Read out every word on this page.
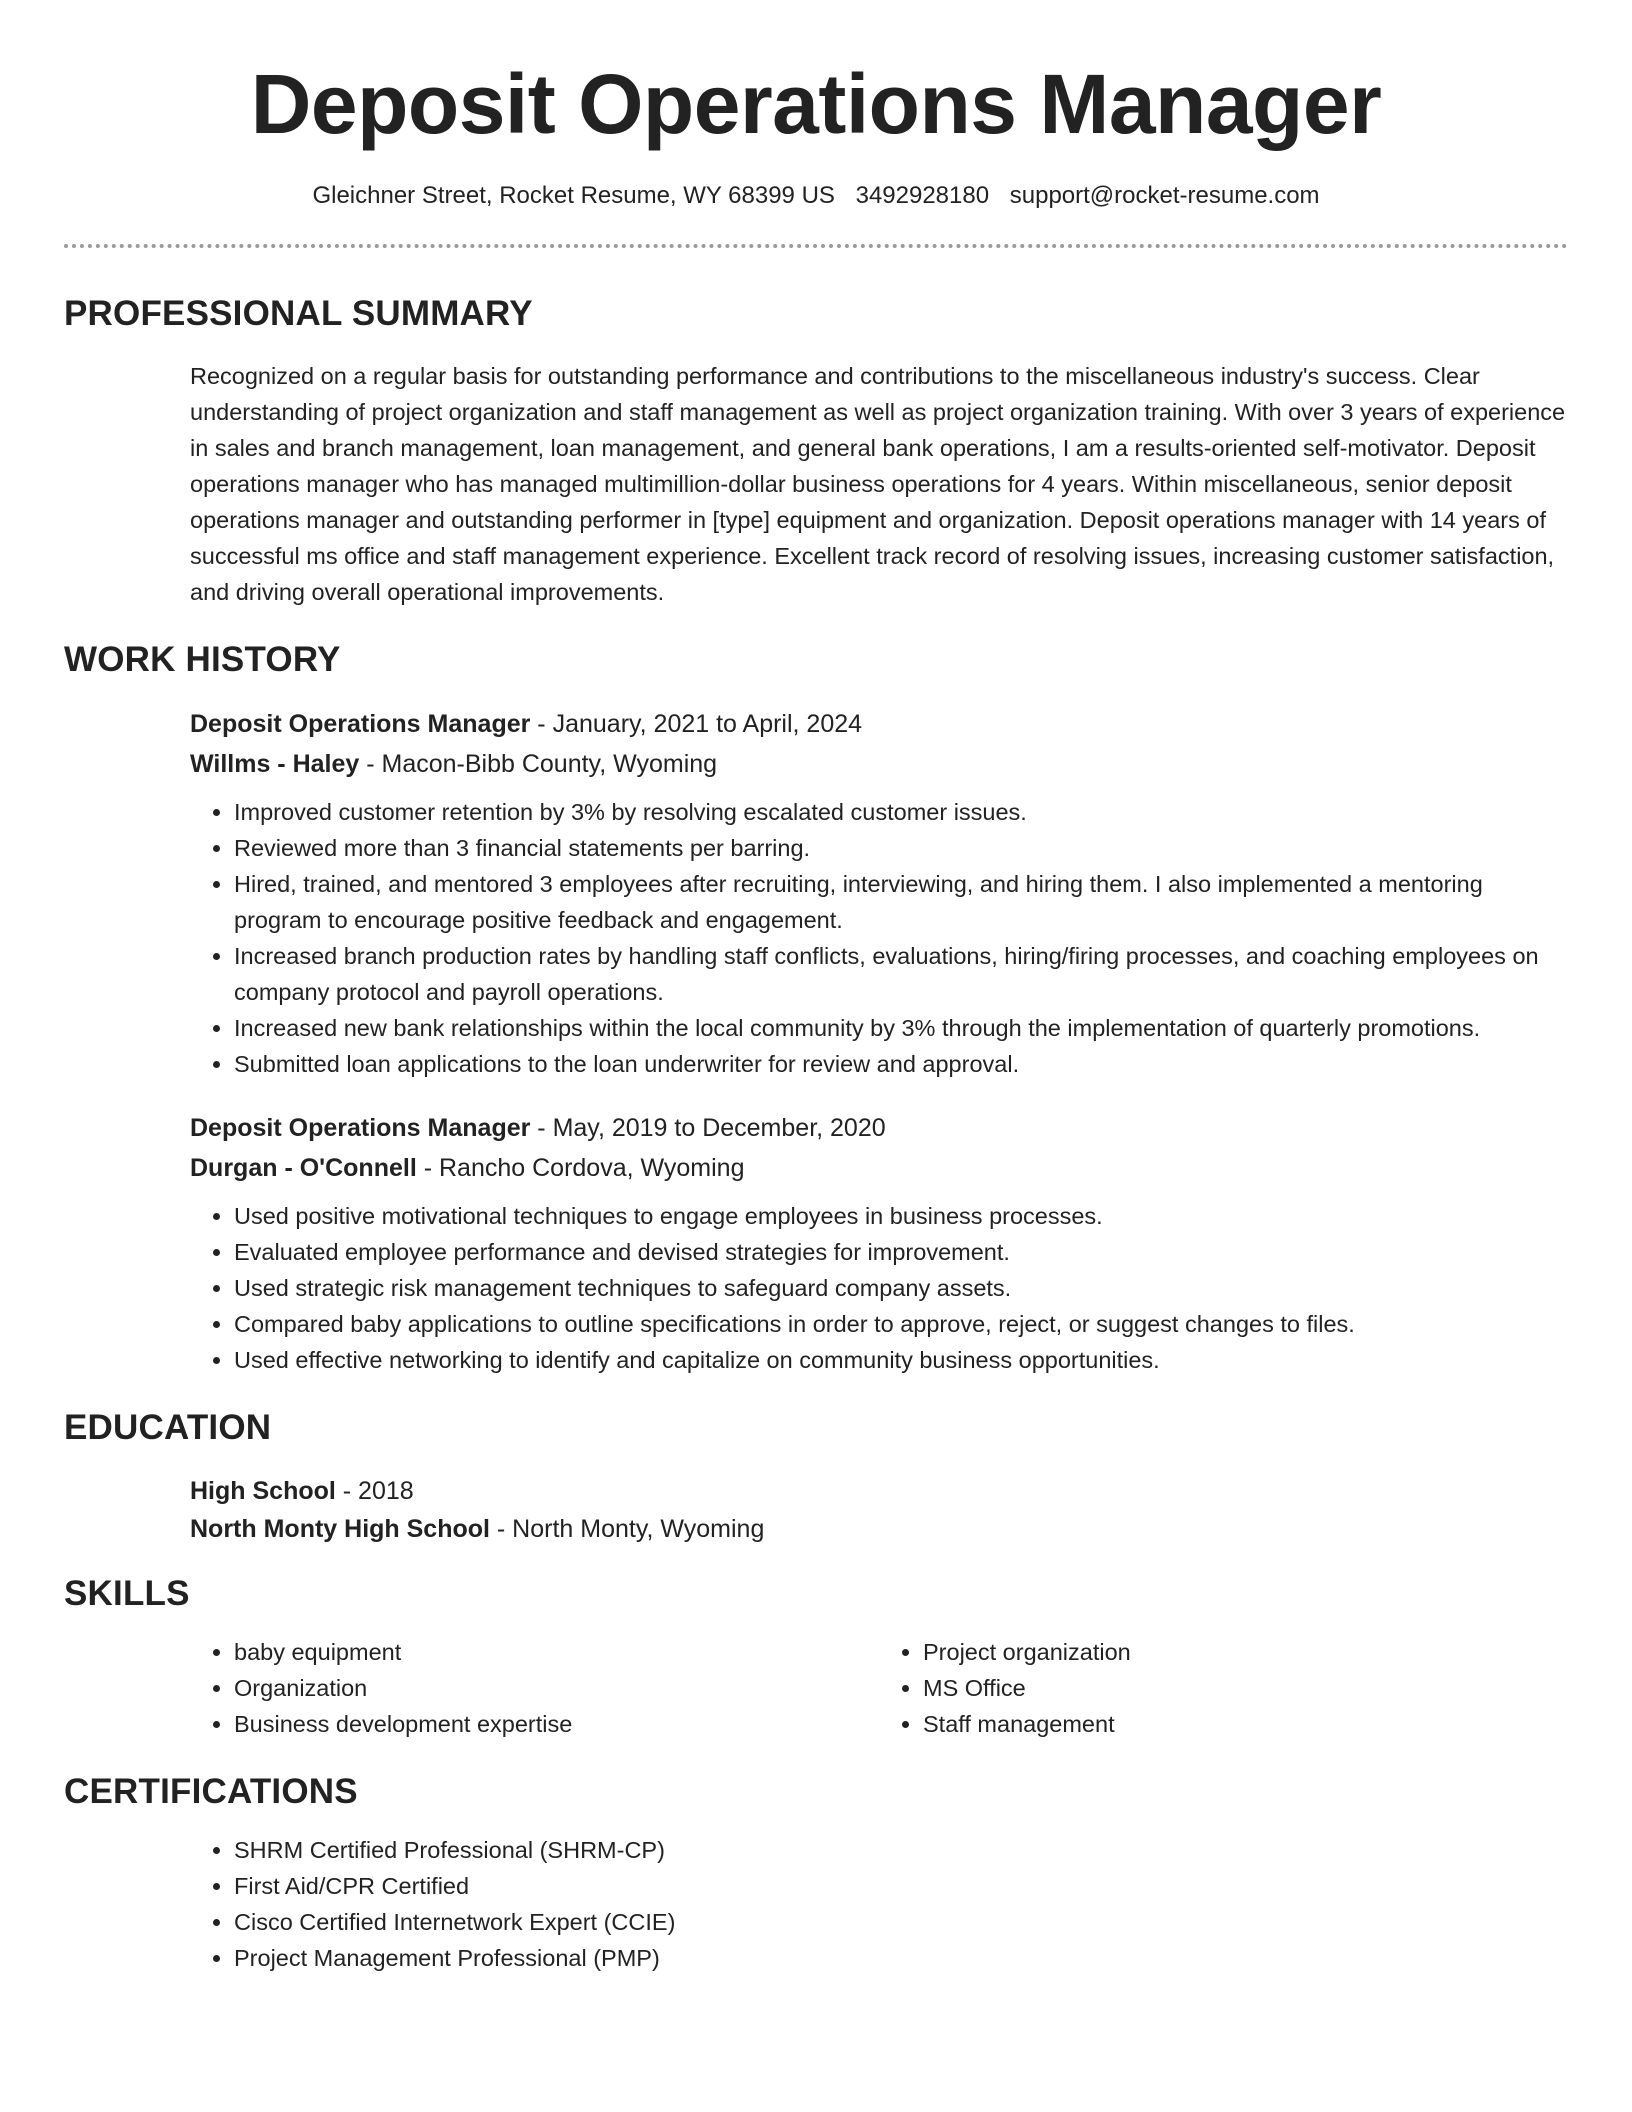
Deposit Operations Manager
Gleichner Street, Rocket Resume, WY 68399 US 3492928180 support@rocket-resume.com
PROFESSIONAL SUMMARY

Recognized on a regular basis for outstanding performance and contributions to the miscellaneous industry's success. Clear understanding of project organization and staff management as well as project organization training. With over 3 years of experience in sales and branch management, loan management, and general bank operations, I am a results-oriented self-motivator. Deposit operations manager who has managed multimillion-dollar business operations for 4 years. Within miscellaneous, senior deposit operations manager and outstanding performer in [type] equipment and organization. Deposit operations manager with 14 years of successful ms office and staff management experience. Excellent track record of resolving issues, increasing customer satisfaction, and driving overall operational improvements.

WORK HISTORY
Deposit Operations Manager - January, 2021 to April, 2024
Willms - Haley - Macon-Bibb County, Wyoming
• Improved customer retention by 3% by resolving escalated customer issues.
• Reviewed more than 3 financial statements per barring.
• Hired, trained, and mentored 3 employees after recruiting, interviewing, and hiring them. I also implemented a mentoring program to encourage positive feedback and engagement.
• Increased branch production rates by handling staff conflicts, evaluations, hiring/firing processes, and coaching employees on company protocol and payroll operations.
• Increased new bank relationships within the local community by 3% through the implementation of quarterly promotions.
• Submitted loan applications to the loan underwriter for review and approval.
Deposit Operations Manager - May, 2019 to December, 2020
Durgan - O'Connell - Rancho Cordova, Wyoming
• Used positive motivational techniques to engage employees in business processes.
• Evaluated employee performance and devised strategies for improvement.
• Used strategic risk management techniques to safeguard company assets.
• Compared baby applications to outline specifications in order to approve, reject, or suggest changes to files.
• Used effective networking to identify and capitalize on community business opportunities.
EDUCATION
High School - 2018
North Monty High School - North Monty, Wyoming
SKILLS
• baby equipment
• Organization
• Business development expertise
• Project organization
• MS Office
• Staff management
CERTIFICATIONS
• SHRM Certified Professional (SHRM-CP)
• First Aid/CPR Certified
• Cisco Certified Internetwork Expert (CCIE)
• Project Management Professional (PMP)
